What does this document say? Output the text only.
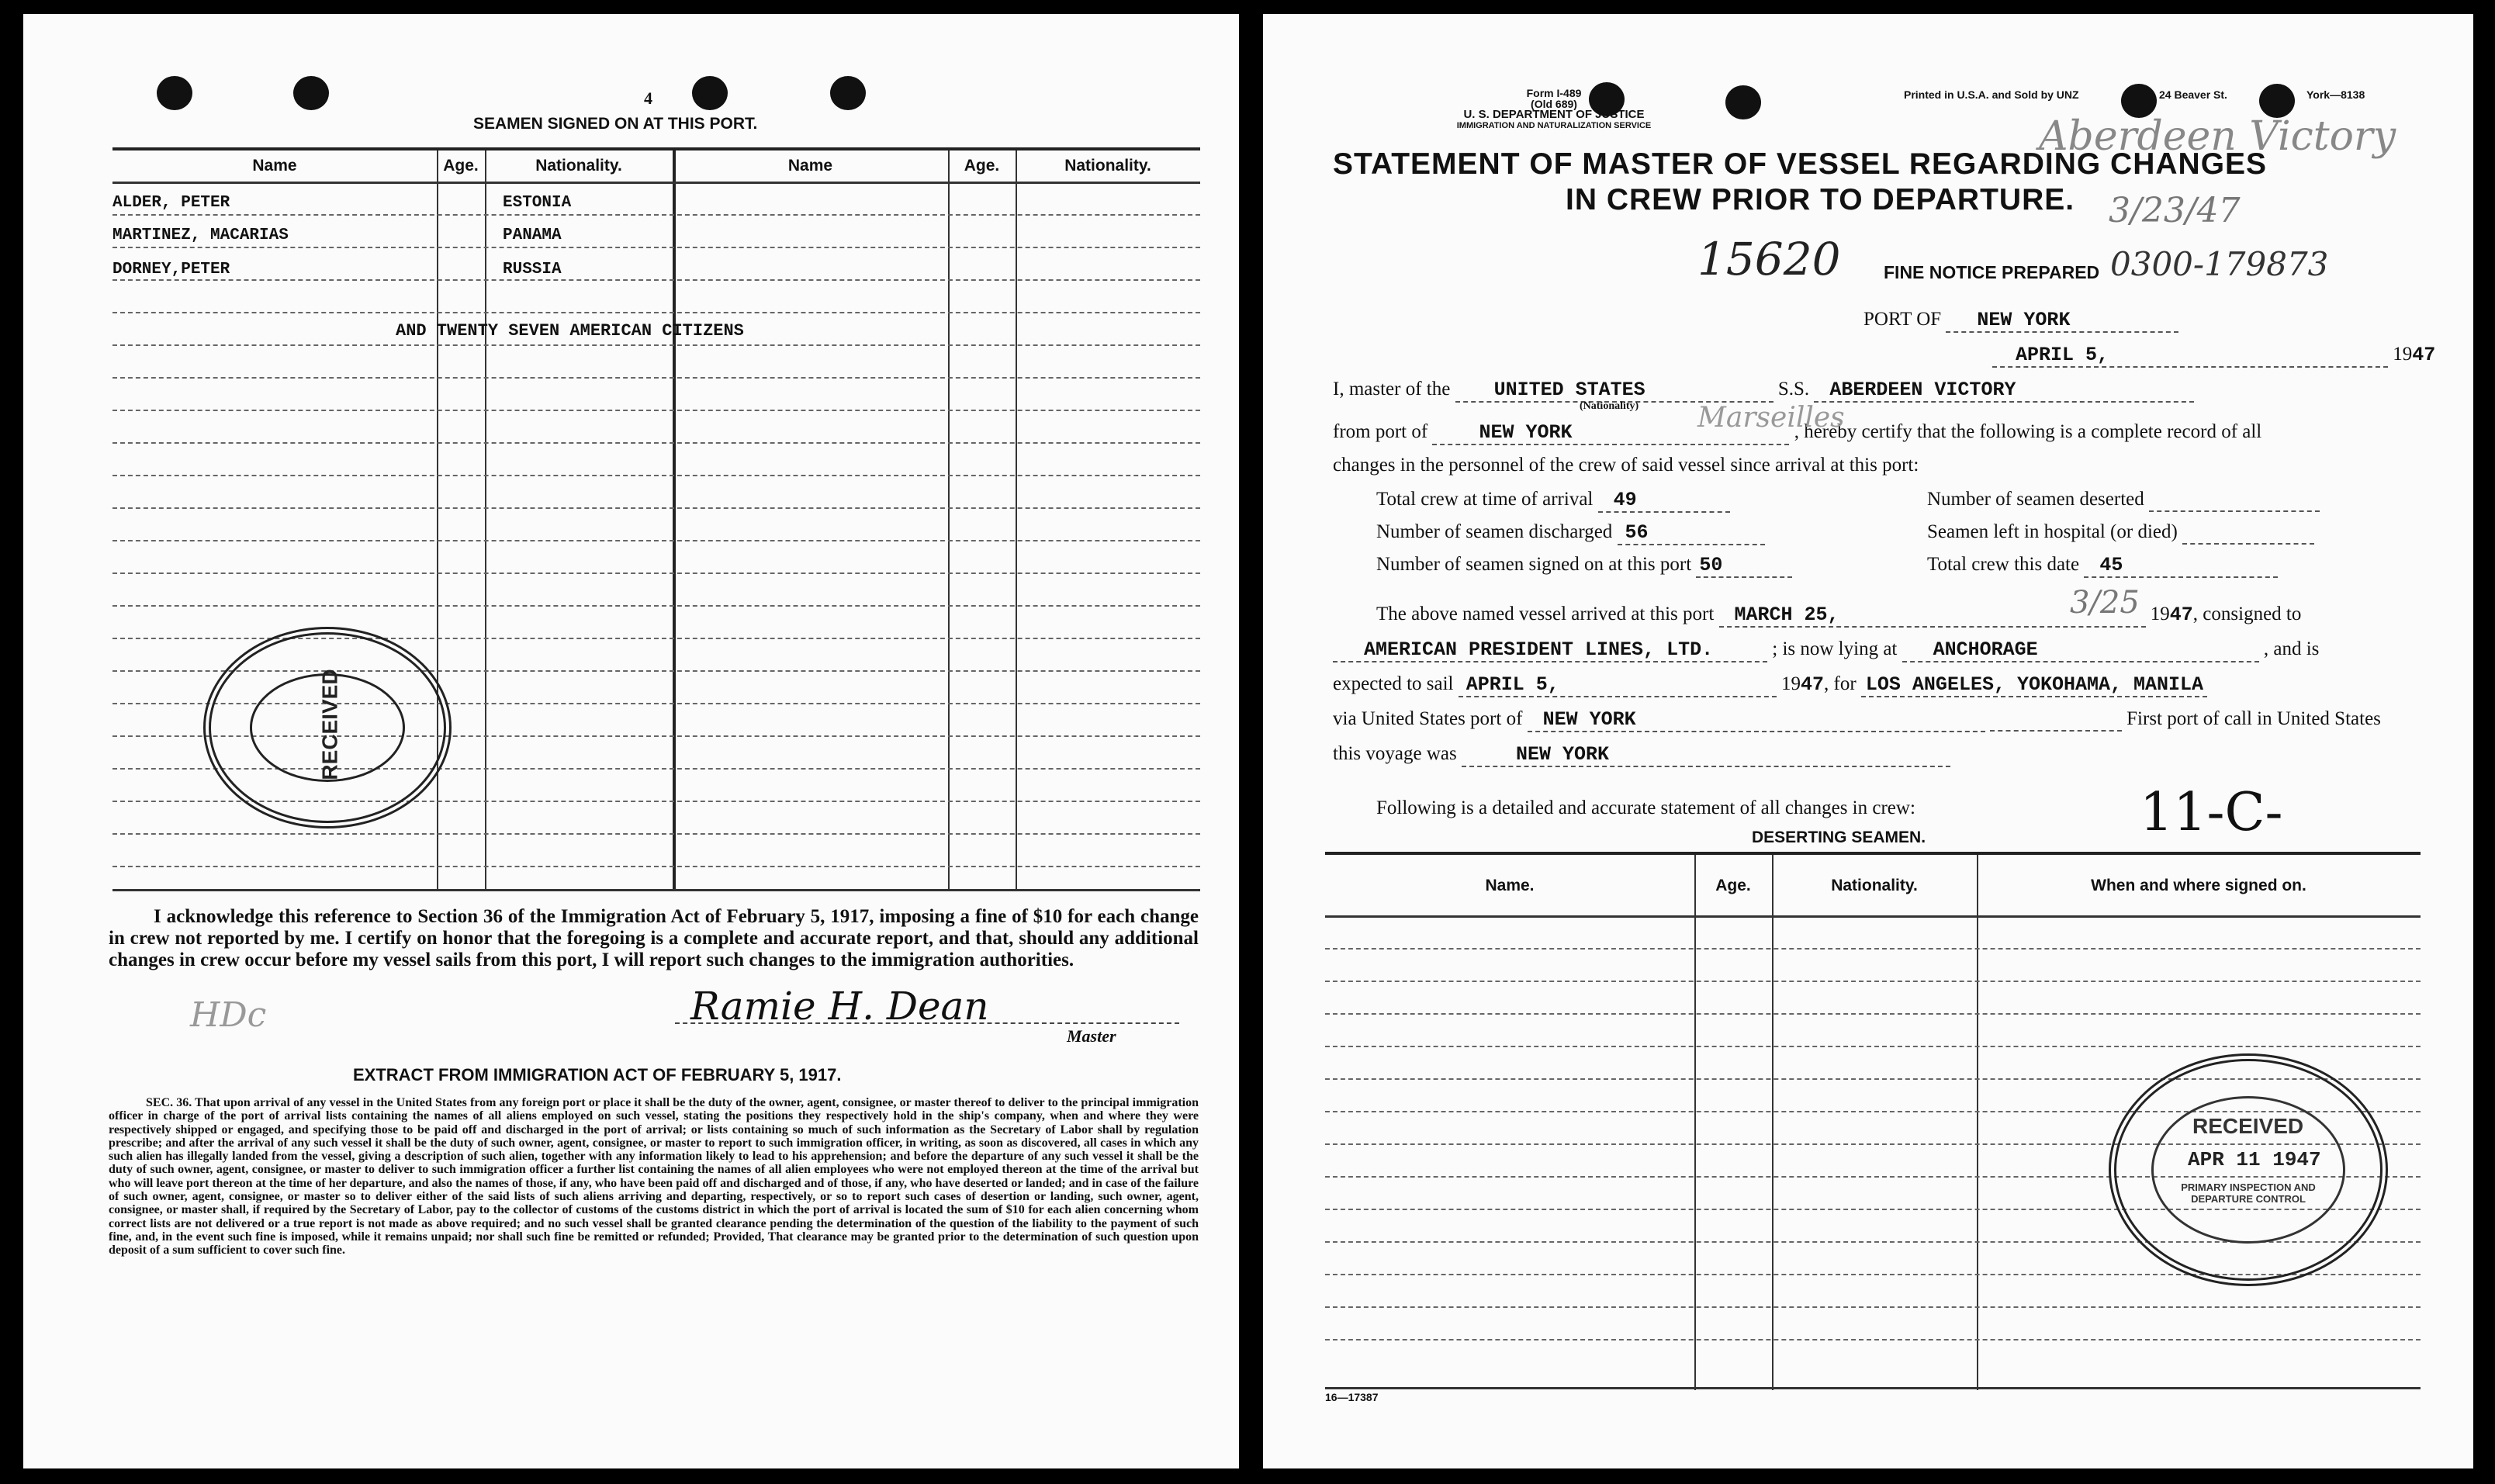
4
SEAMEN SIGNED ON AT THIS PORT.
Name	Age.	Nationality.	Name	Age.	Nationality.
ALDER, PETER	ESTONIA
MARTINEZ, MACARIAS	PANAMA
DORNEY,PETER	RUSSIA
AND TWENTY SEVEN AMERICAN CITIZENS
RECEIVED
I acknowledge this reference to Section 36 of the Immigration Act of February 5, 1917, imposing a fine of $10 for each change in crew not reported by me. I certify on honor that the foregoing is a complete and accurate report, and that, should any additional changes in crew occur before my vessel sails from this port, I will report such changes to the immigration authorities.
HDc	Ramie H. Dean
Master
EXTRACT FROM IMMIGRATION ACT OF FEBRUARY 5, 1917.
SEC. 36. That upon arrival of any vessel in the United States from any foreign port or place it shall be the duty of the owner, agent, consignee, or master thereof to deliver to the principal immigration officer in charge of the port of arrival lists containing the names of all aliens employed on such vessel, stating the positions they respectively hold in the ship's company, when and where they were respectively shipped or engaged, and specifying those to be paid off and discharged in the port of arrival; or lists containing so much of such information as the Secretary of Labor shall by regulation prescribe; and after the arrival of any such vessel it shall be the duty of such owner, agent, consignee, or master to report to such immigration officer, in writing, as soon as discovered, all cases in which any such alien has illegally landed from the vessel, giving a description of such alien, together with any information likely to lead to his apprehension; and before the departure of any such vessel it shall be the duty of such owner, agent, consignee, or master to deliver to such immigration officer a further list containing the names of all alien employees who were not employed thereon at the time of the arrival but who will leave port thereon at the time of her departure, and also the names of those, if any, who have been paid off and discharged and of those, if any, who have deserted or landed; and in case of the failure of such owner, agent, consignee, or master so to deliver either of the said lists of such aliens arriving and departing, respectively, or so to report such cases of desertion or landing, such owner, agent, consignee, or master shall, if required by the Secretary of Labor, pay to the collector of customs of the customs district in which the port of arrival is located the sum of $10 for each alien concerning whom correct lists are not delivered or a true report is not made as above required; and no such vessel shall be granted clearance pending the determination of the question of the liability to the payment of such fine, and, in the event such fine is imposed, while it remains unpaid; nor shall such fine be remitted or refunded; Provided, That clearance may be granted prior to the determination of such question upon deposit of a sum sufficient to cover such fine.
Form I-489
(Old 689)
U. S. DEPARTMENT OF JUSTICE
IMMIGRATION AND NATURALIZATION SERVICE
Printed in U.S.A. and Sold by UNZ	24 Beaver St.	York—8138
Aberdeen Victory
STATEMENT OF MASTER OF VESSEL REGARDING CHANGES
IN CREW PRIOR TO DEPARTURE. 3/23/47
15620 FINE NOTICE PREPARED 0300-179873
PORT OF NEW YORK
APRIL 5,	1947
I, master of the UNITED STATES	S.S. ABERDEEN VICTORY
(Nationality)
from port of	NEW YORK	, hereby certify that the following is a complete record of all
Marseilles
changes in the personnel of the crew of said vessel since arrival at this port:
Total crew at time of arrival 49	Number of seamen deserted
Number of seamen discharged 56	Seamen left in hospital (or died)
Number of seamen signed on at this port 50	Total crew this date 45
The above named vessel arrived at this port MARCH 25,	1947, consigned to
3/25
AMERICAN PRESIDENT LINES, LTD.	; is now lying at ANCHORAGE	, and is
expected to sail APRIL 5,	1947, for LOS ANGELES, YOKOHAMA, MANILA
via United States port of NEW YORK	First port of call in United States
this voyage was	NEW YORK
Following is a detailed and accurate statement of all changes in crew:	11-C-
DESERTING SEAMEN.
Name.	Age.	Nationality.	When and where signed on.
RECEIVED
APR 11 1947
PRIMARY INSPECTION AND DEPARTURE CONTROL
16—17387
